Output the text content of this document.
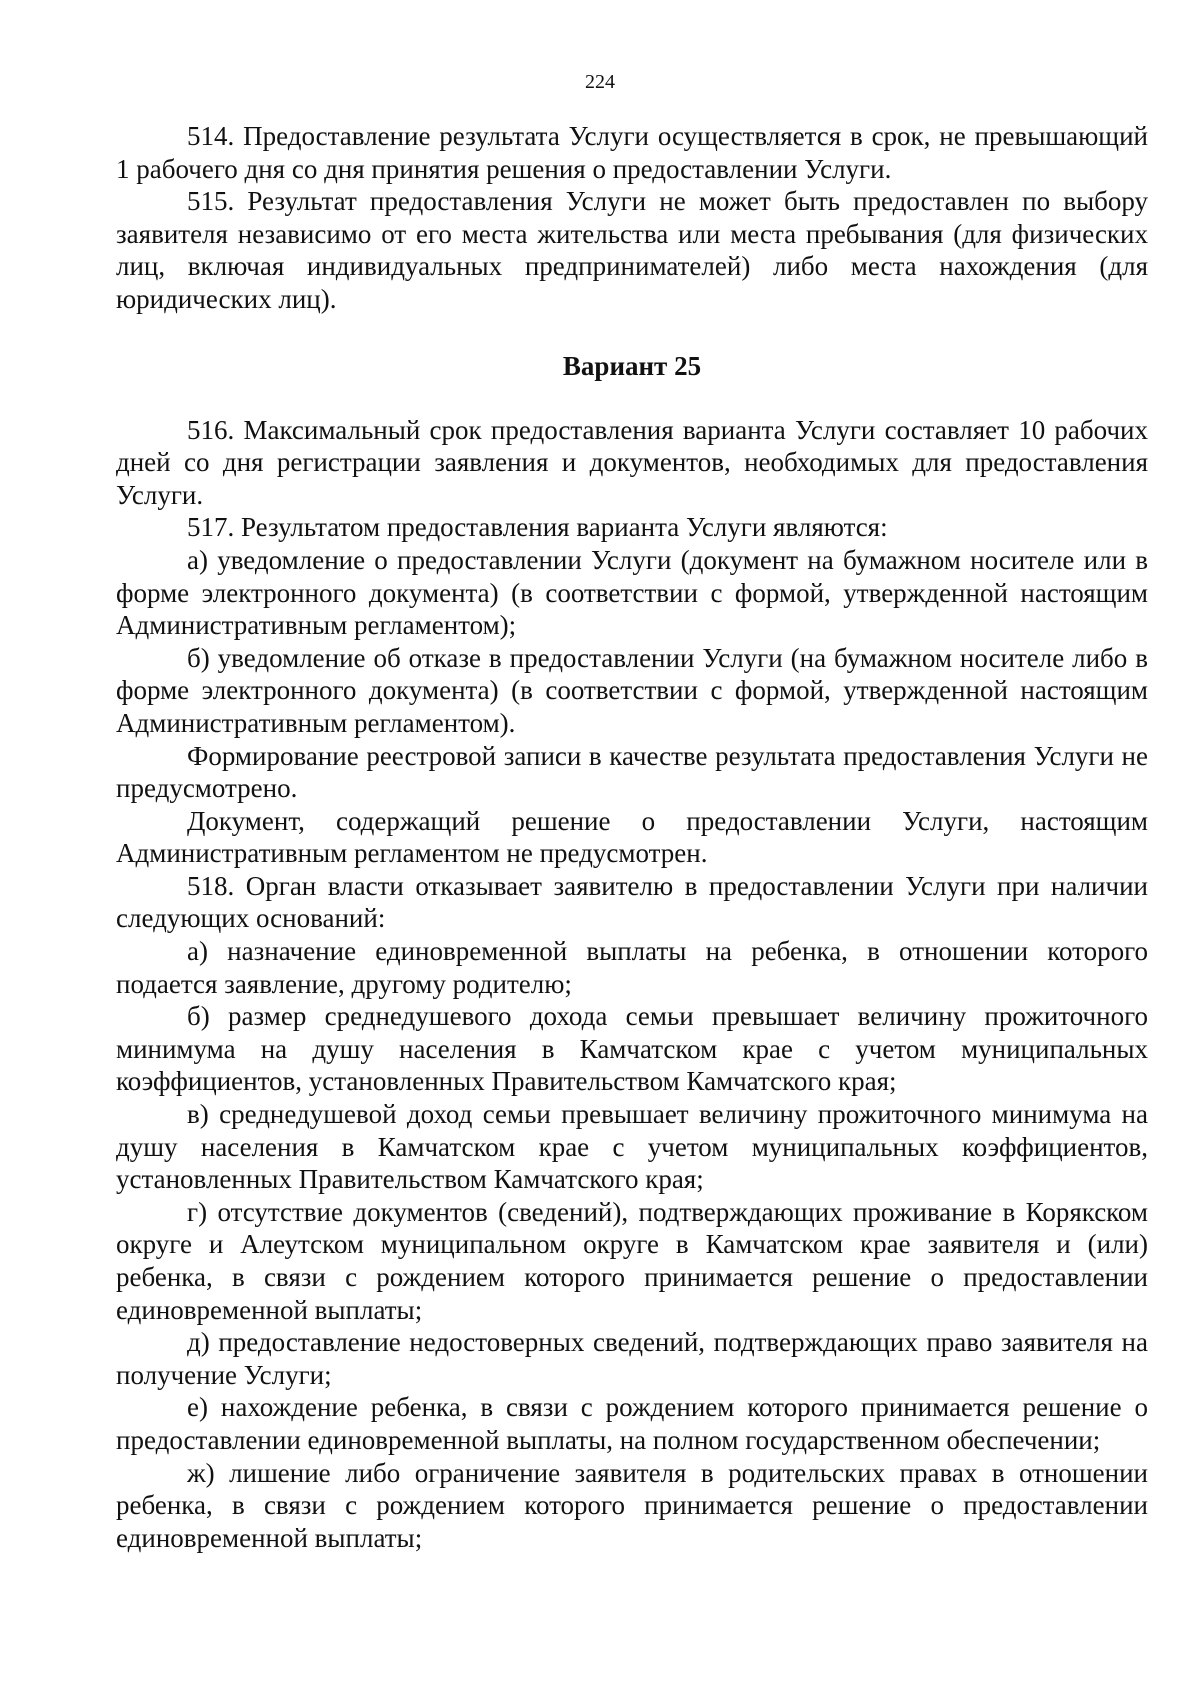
224

514. Предоставление результата Услуги осуществляется в срок, не превышающий 1 рабочего дня со дня принятия решения о предоставлении Услуги.

515. Результат предоставления Услуги не может быть предоставлен по выбору заявителя независимо от его места жительства или места пребывания (для физических лиц, включая индивидуальных предпринимателей) либо места нахождения (для юридических лиц).

Вариант 25

516. Максимальный срок предоставления варианта Услуги составляет 10 рабочих дней со дня регистрации заявления и документов, необходимых для предоставления Услуги.

517. Результатом предоставления варианта Услуги являются:

а) уведомление о предоставлении Услуги (документ на бумажном носителе или в форме электронного документа) (в соответствии с формой, утвержденной настоящим Административным регламентом);

б) уведомление об отказе в предоставлении Услуги (на бумажном носителе либо в форме электронного документа) (в соответствии с формой, утвержденной настоящим Административным регламентом).

Формирование реестровой записи в качестве результата предоставления Услуги не предусмотрено.

Документ, содержащий решение о предоставлении Услуги, настоящим Административным регламентом не предусмотрен.

518. Орган власти отказывает заявителю в предоставлении Услуги при наличии следующих оснований:

а) назначение единовременной выплаты на ребенка, в отношении которого подается заявление, другому родителю;

б) размер среднедушевого дохода семьи превышает величину прожиточного минимума на душу населения в Камчатском крае с учетом муниципальных коэффициентов, установленных Правительством Камчатского края;

в) среднедушевой доход семьи превышает величину прожиточного минимума на душу населения в Камчатском крае с учетом муниципальных коэффициентов, установленных Правительством Камчатского края;

г) отсутствие документов (сведений), подтверждающих проживание в Корякском округе и Алеутском муниципальном округе в Камчатском крае заявителя и (или) ребенка, в связи с рождением которого принимается решение о предоставлении единовременной выплаты;

д) предоставление недостоверных сведений, подтверждающих право заявителя на получение Услуги;

е) нахождение ребенка, в связи с рождением которого принимается решение о предоставлении единовременной выплаты, на полном государственном обеспечении;

ж) лишение либо ограничение заявителя в родительских правах в отношении ребенка, в связи с рождением которого принимается решение о предоставлении единовременной выплаты;
